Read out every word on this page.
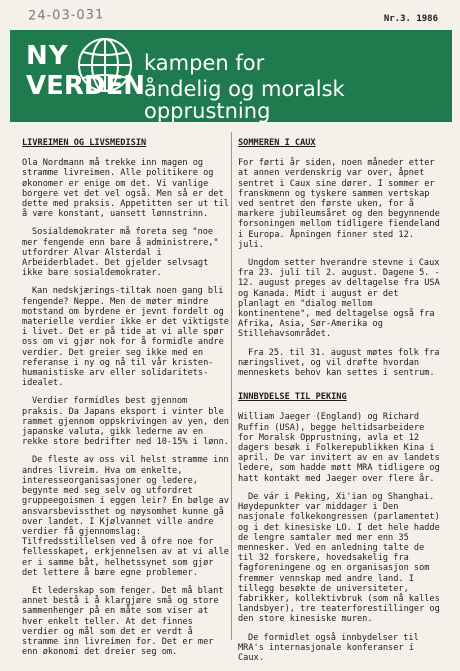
24-03-031	Nr.3. 1986
NY
VERDEN
kampen for
åndelig og moralsk opprustning
LIVREIMEN OG LIVSMEDISIN

Ola Nordmann må trekke inn magen og stramme livreimen. Alle politikere og økonomer er enige om det. Vi vanlige borgere vet det vel også. Men så er det dette med praksis. Appetitten ser ut til å være konstant, uansett lønnstrinn.

Sosialdemokrater må foreta seg "noe mer fengende enn bare å administrere," utfordrer Alvar Alsterdal i Arbeiderbladet. Det gjelder selvsagt ikke bare sosialdemokrater.

Kan nedskjærings-tiltak noen gang bli fengende? Neppe. Men de møter mindre motstand om byrdene er jevnt fordelt og materielle verdier ikke er det viktigste i livet. Det er på tide at vi alle spør oss om vi gjør nok for å formidle andre verdier. Det greier seg ikke med en referanse i ny og nå til vår kristen-humanistiske arv eller solidaritets-idealet.

Verdier formidles best gjennom praksis. Da Japans eksport i vinter ble rammet gjennom oppskrivingen av yen, den japanske valuta, gikk lederne av en rekke store bedrifter ned 10-15% i lønn.

De fleste av oss vil helst stramme inn andres livreim. Hva om enkelte, interesseorganisasjoner og ledere, begynte med seg selv og utfordret gruppeegoismen i eggen leir? En bølge av ansvarsbevissthet og nøysomhet kunne gå over landet. I Kjølvannet ville andre verdier få gjennomslag: Tilfredsstillelsen ved å ofre noe for fellesskapet, erkjennelsen av at vi alle er i samme båt, helhetssynet som gjør det lettere å bære egne problemer.

Et lederskap som fenger. Det må blant annet bestå i å klargjøre små og store sammenhenger på en måte som viser at hver enkelt teller. At det finnes verdier og mål som det er verdt å stramme inn livreimen for. Det er mer enn økonomi det dreier seg om.

SOMMEREN I CAUX

For førti år siden, noen måneder etter at annen verdenskrig var over, åpnet sentret i Caux sine dører. I sommer er franskmenn og tyskere sammen vertskap ved sentret den første uken, for å markere jubileumsåret og den begynnende forsoningen mellom tidligere fiendeland i Europa. Åpningen finner sted 12. juli.

Ungdom setter hverandre stevne i Caux fra 23. juli til 2. august. Dagene 5. - 12. august preges av deltagelse fra USA og Kanada. Midt i august er det planlagt en "dialog mellom kontinentene", med deltagelse også fra Afrika, Asia, Sør-Amerika og Stillehavsområdet.

Fra 25. til 31. august møtes folk fra næringslivet, og vil drøfte hvordan menneskets behov kan settes i sentrum.

INNBYDELSE TIL PEKING

William Jaeger (England) og Richard Ruffin (USA), begge heltidsarbeidere for Moralsk Opprustning, avla et 12 dagers besøk i Folkerepublikken Kina i april. De var invitert av en av landets ledere, som hadde møtt MRA tidligere og hatt kontakt med Jaeger over flere år.

De vár i Peking, Xi'ian og Shanghai. Høydepunkter var middager i Den nasjonale folkekongressen (parlamentet) og i det kinesiske LO. I det hele hadde de lengre samtaler med mer enn 35 mennesker. Ved en anledning talte de til 32 forskere, hovedsakelig fra fagforeningene og en organisasjon som fremmer vennskap med andre land. I tillegg besøkte de universiteter, fabrikker, kollektivbruk (som nå kalles landsbyer), tre teaterforestillinger og den store kinesiske muren.

De formidlet også innbydelser til MRA's internasjonale konferanser i Caux.
